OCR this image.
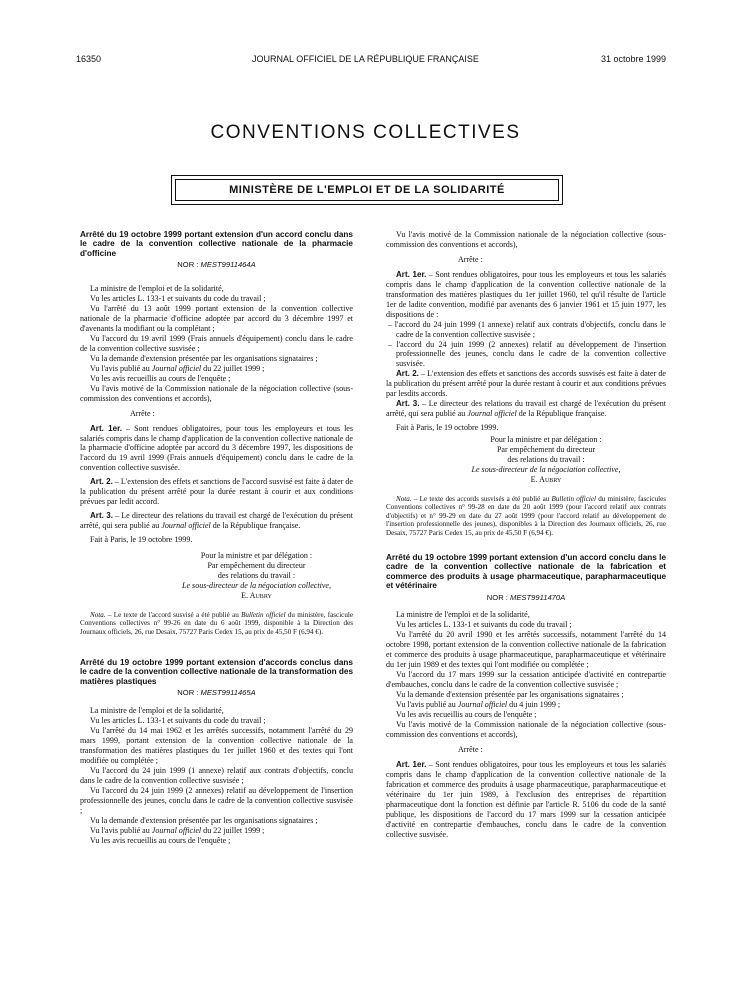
16350	JOURNAL OFFICIEL DE LA RÉPUBLIQUE FRANÇAISE	31 octobre 1999
CONVENTIONS COLLECTIVES
MINISTÈRE DE L'EMPLOI ET DE LA SOLIDARITÉ

Arrêté du 19 octobre 1999 portant extension d'un accord conclu dans le cadre de la convention collective nationale de la pharmacie d'officine

NOR : MEST9911464A

La ministre de l'emploi et de la solidarité,

Vu les articles L. 133-1 et suivants du code du travail ;

Vu l'arrêté du 13 août 1999 portant extension de la convention collective nationale de la pharmacie d'officine adoptée par accord du 3 décembre 1997 et d'avenants la modifiant ou la complétant ;

Vu l'accord du 19 avril 1999 (Frais annuels d'équipement) conclu dans le cadre de la convention collective susvisée ;

Vu la demande d'extension présentée par les organisations signataires ;

Vu l'avis publié au Journal officiel du 22 juillet 1999 ;

Vu les avis recueillis au cours de l'enquête ;

Vu l'avis motivé de la Commission nationale de la négociation collective (sous-commission des conventions et accords),

Arrête :

Art. 1er. – Sont rendues obligatoires, pour tous les employeurs et tous les salariés compris dans le champ d'application de la convention collective nationale de la pharmacie d'officine adoptée par accord du 3 décembre 1997, les dispositions de l'accord du 19 avril 1999 (Frais annuels d'équipement) conclu dans le cadre de la convention collective susvisée.

Art. 2. – L'extension des effets et sanctions de l'accord susvisé est faite à dater de la publication du présent arrêté pour la durée restant à courir et aux conditions prévues par ledit accord.

Art. 3. – Le directeur des relations du travail est chargé de l'exécution du présent arrêté, qui sera publié au Journal officiel de la République française.

Fait à Paris, le 19 octobre 1999.

Pour la ministre et par délégation :

Par empêchement du directeur

des relations du travail :

Le sous-directeur de la négociation collective,

E. Aubry

Nota. – Le texte de l'accord susvisé a été publié au Bulletin officiel du ministère, fascicule Conventions collectives n° 99-26 en date du 6 août 1999, disponible à la Direction des Journaux officiels, 26, rue Desaix, 75727 Paris Cedex 15, au prix de 45,50 F (6,94 €).

Arrêté du 19 octobre 1999 portant extension d'accords conclus dans le cadre de la convention collective nationale de la transformation des matières plastiques

NOR : MEST9911465A

La ministre de l'emploi et de la solidarité,

Vu les articles L. 133-1 et suivants du code du travail ;

Vu l'arrêté du 14 mai 1962 et les arrêtés successifs, notamment l'arrêté du 29 mars 1999, portant extension de la convention collective nationale de la transformation des matières plastiques du 1er juillet 1960 et des textes qui l'ont modifiée ou complétée ;

Vu l'accord du 24 juin 1999 (1 annexe) relatif aux contrats d'objectifs, conclu dans le cadre de la convention collective susvisée ;

Vu l'accord du 24 juin 1999 (2 annexes) relatif au développement de l'insertion professionnelle des jeunes, conclu dans le cadre de la convention collective susvisée ;

Vu la demande d'extension présentée par les organisations signataires ;

Vu l'avis publié au Journal officiel du 22 juillet 1999 ;

Vu les avis recueillis au cours de l'enquête ;

Vu l'avis motivé de la Commission nationale de la négociation collective (sous-commission des conventions et accords),

Arrête :

Art. 1er. – Sont rendues obligatoires, pour tous les employeurs et tous les salariés compris dans le champ d'application de la convention collective nationale de la transformation des matières plastiques du 1er juillet 1960, tel qu'il résulte de l'article 1er de ladite convention, modifié par avenants des 6 janvier 1961 et 15 juin 1977, les dispositions de :

– l'accord du 24 juin 1999 (1 annexe) relatif aux contrats d'objectifs, conclu dans le cadre de la convention collective susvisée ;

– l'accord du 24 juin 1999 (2 annexes) relatif au développement de l'insertion professionnelle des jeunes, conclu dans le cadre de la convention collective susvisée.

Art. 2. – L'extension des effets et sanctions des accords susvisés est faite à dater de la publication du présent arrêté pour la durée restant à courir et aux conditions prévues par lesdits accords.

Art. 3. – Le directeur des relations du travail est chargé de l'exécution du présent arrêté, qui sera publié au Journal officiel de la République française.

Fait à Paris, le 19 octobre 1999.

Pour la ministre et par délégation :

Par empêchement du directeur

des relations du travail :

Le sous-directeur de la négociation collective,

E. Aubry

Nota. – Le texte des accords susvisés a été publié au Bulletin officiel du ministère, fascicules Conventions collectives n° 99-28 en date du 20 août 1999 (pour l'accord relatif aux contrats d'objectifs) et n° 99-29 en date du 27 août 1999 (pour l'accord relatif au développement de l'insertion professionnelle des jeunes), disponibles à la Direction des Journaux officiels, 26, rue Desaix, 75727 Paris Cedex 15, au prix de 45,50 F (6,94 €).

Arrêté du 19 octobre 1999 portant extension d'un accord conclu dans le cadre de la convention collective nationale de la fabrication et commerce des produits à usage pharmaceutique, parapharmaceutique et vétérinaire

NOR : MEST9911470A

La ministre de l'emploi et de la solidarité,

Vu les articles L. 133-1 et suivants du code du travail ;

Vu l'arrêté du 20 avril 1990 et les arrêtés successifs, notamment l'arrêté du 14 octobre 1998, portant extension de la convention collective nationale de la fabrication et commerce des produits à usage pharmaceutique, parapharmaceutique et vétérinaire du 1er juin 1989 et des textes qui l'ont modifiée ou complétée ;

Vu l'accord du 17 mars 1999 sur la cessation anticipée d'activité en contrepartie d'embauches, conclu dans le cadre de la convention collective susvisée ;

Vu la demande d'extension présentée par les organisations signataires ;

Vu l'avis publié au Journal officiel du 4 juin 1999 ;

Vu les avis recueillis au cours de l'enquête ;

Vu l'avis motivé de la Commission nationale de la négociation collective (sous-commission des conventions et accords),

Arrête :

Art. 1er. – Sont rendues obligatoires, pour tous les employeurs et tous les salariés compris dans le champ d'application de la convention collective nationale de la fabrication et commerce des produits à usage pharmaceutique, parapharmaceutique et vétérinaire du 1er juin 1989, à l'exclusion des entreprises de répartition pharmaceutique dont la fonction est définie par l'article R. 5106 du code de la santé publique, les dispositions de l'accord du 17 mars 1999 sur la cessation anticipée d'activité en contrepartie d'embauches, conclu dans le cadre de la convention collective susvisée.
